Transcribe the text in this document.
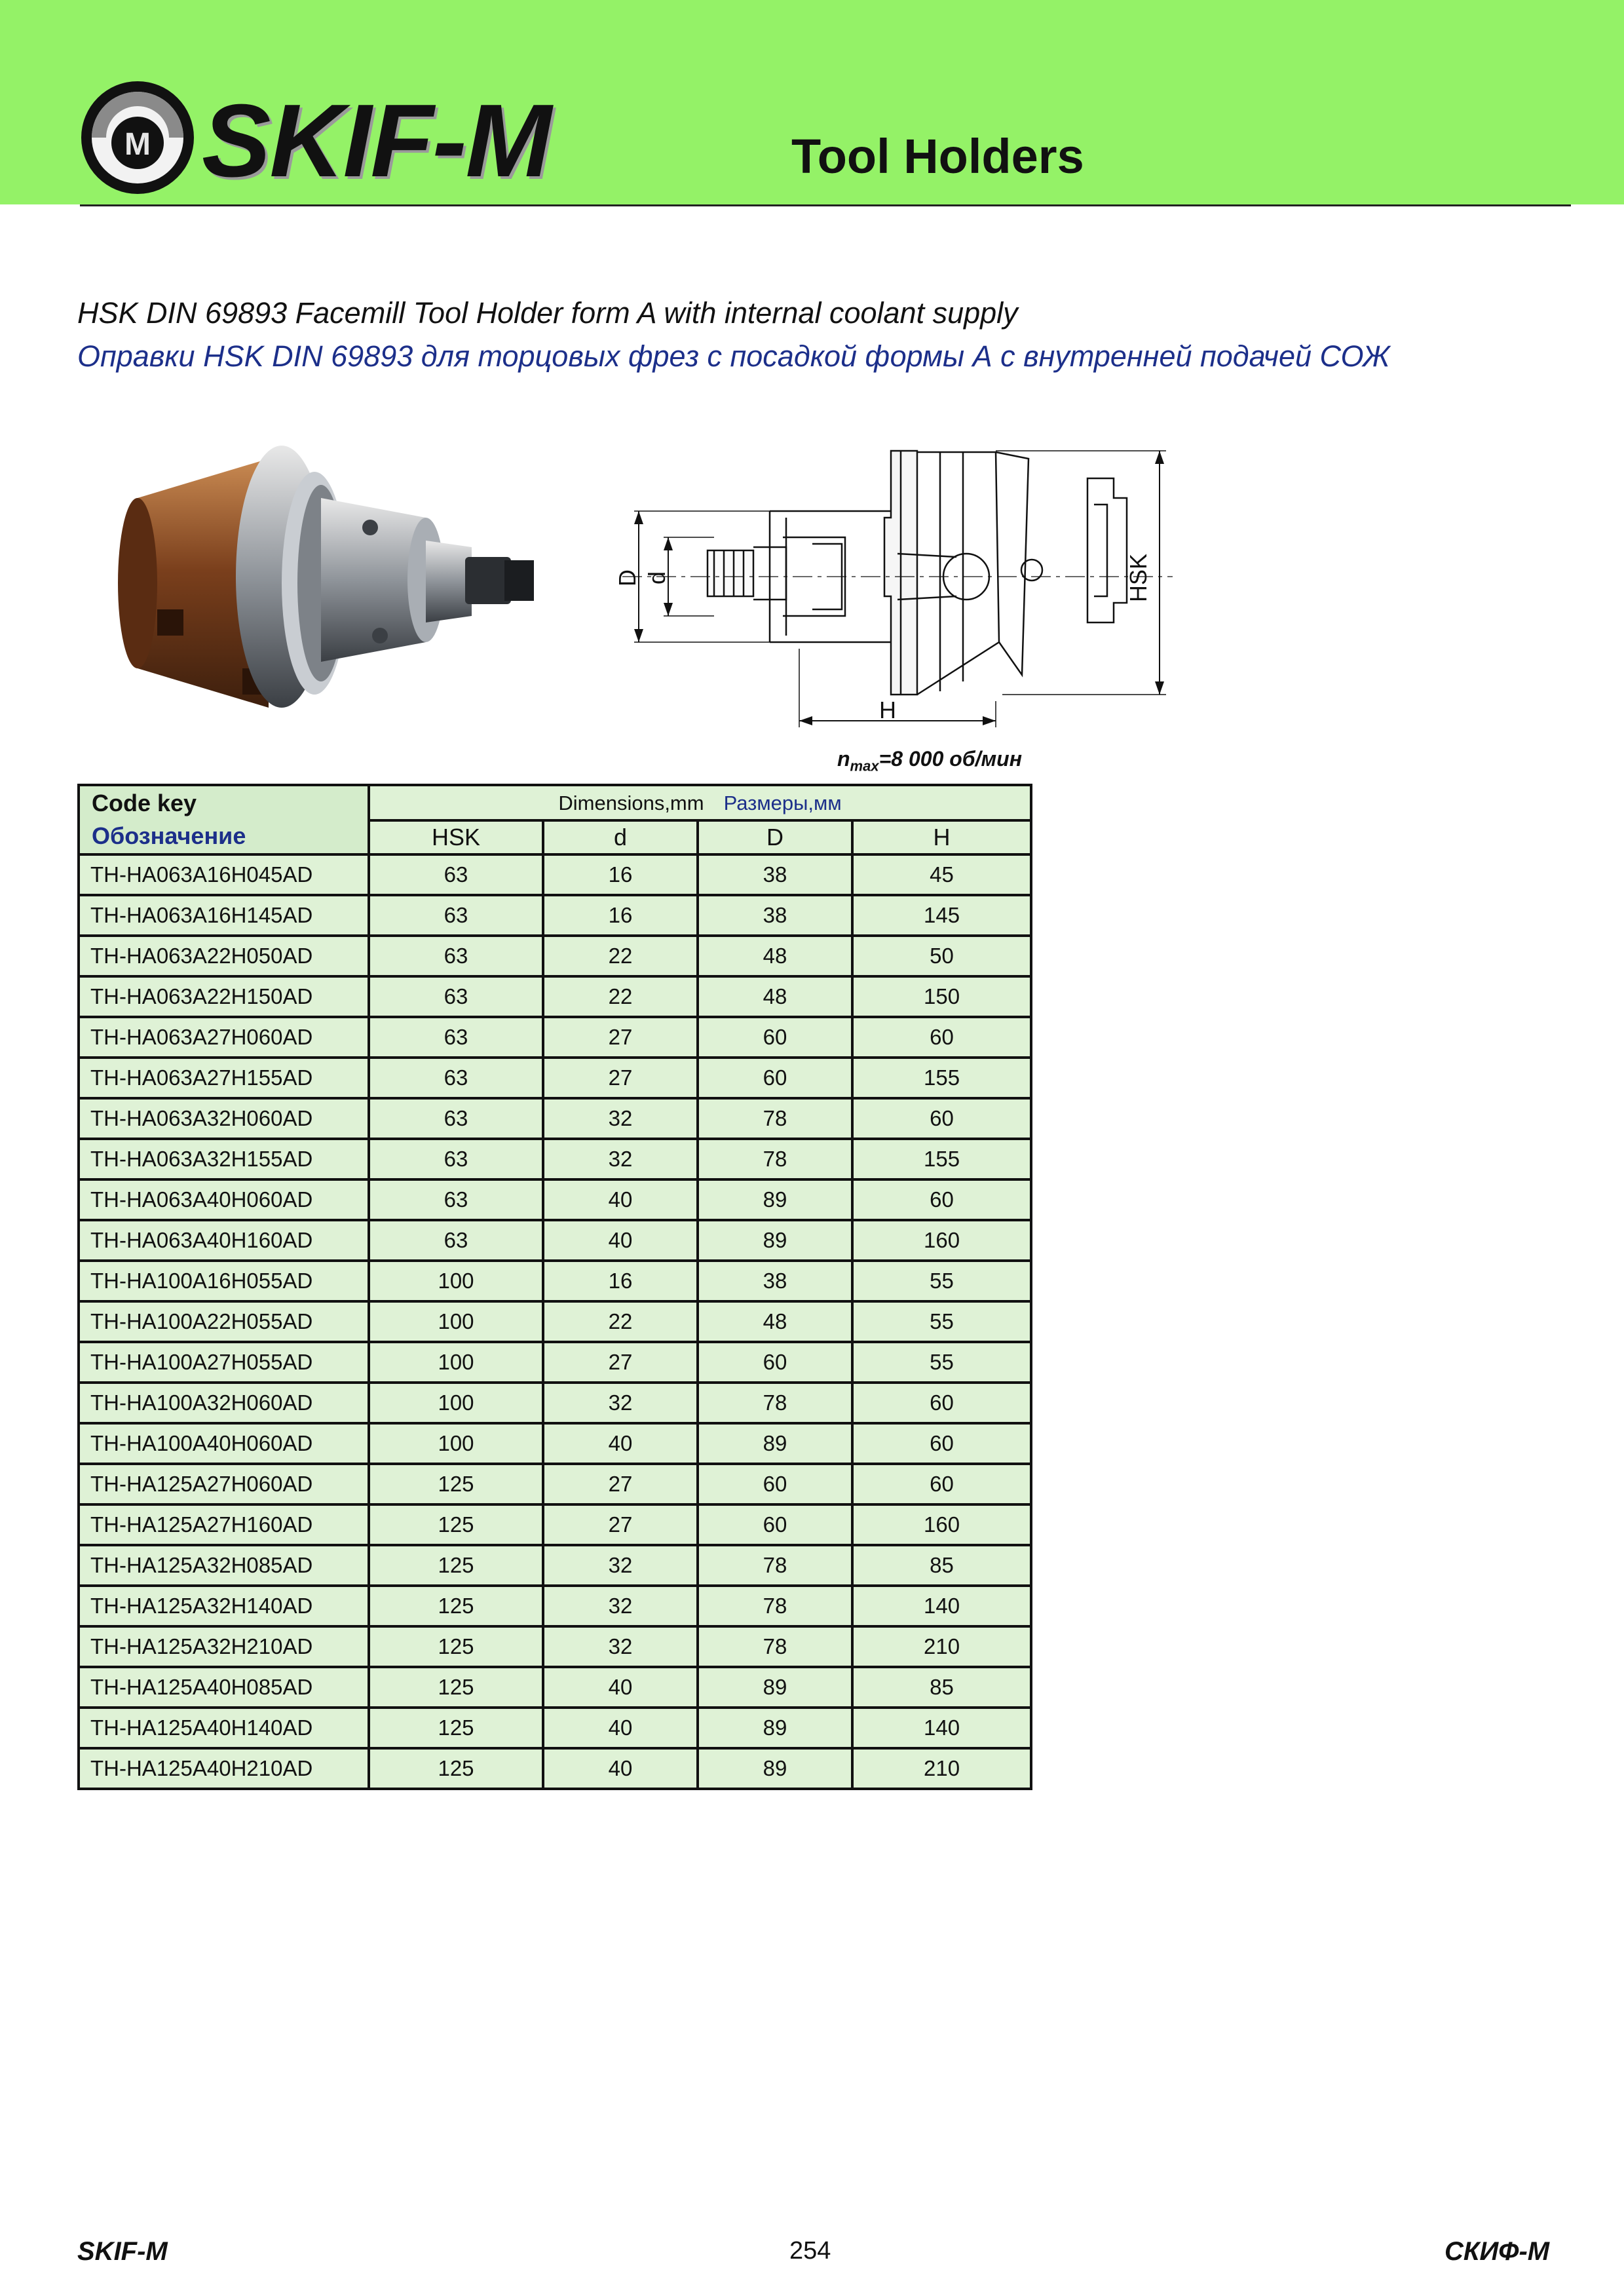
M SKIF-M	Tool Holders
HSK DIN 69893 Facemill Tool Holder form A with internal coolant supply
Оправки HSK DIN 69893 для торцовых фрез с посадкой формы А с внутренней подачей СОЖ
D d	HSK
H
$n_{max}=8$ 000 об/мин
Code key
Обозначение	Dimensions,mm Размеры,мм			
	HSK	d	D	H
TH-HA063A16H045AD	63	16	38	45
TH-HA063A16H145AD	63	16	38	145
TH-HA063A22H050AD	63	22	48	50
TH-HA063A22H150AD	63	22	48	150
TH-HA063A27H060AD	63	27	60	60
TH-HA063A27H155AD	63	27	60	155
TH-HA063A32H060AD	63	32	78	60
TH-HA063A32H155AD	63	32	78	155
TH-HA063A40H060AD	63	40	89	60
TH-HA063A40H160AD	63	40	89	160
TH-HA100A16H055AD	100	16	38	55
TH-HA100A22H055AD	100	22	48	55
TH-HA100A27H055AD	100	27	60	55
TH-HA100A32H060AD	100	32	78	60
TH-HA100A40H060AD	100	40	89	60
TH-HA125A27H060AD	125	27	60	60
TH-HA125A27H160AD	125	27	60	160
TH-HA125A32H085AD	125	32	78	85
TH-HA125A32H140AD	125	32	78	140
TH-HA125A32H210AD	125	32	78	210
TH-HA125A40H085AD	125	40	89	85
TH-HA125A40H140AD	125	40	89	140
TH-HA125A40H210AD	125	40	89	210
SKIF-M	254	СКИФ-М
